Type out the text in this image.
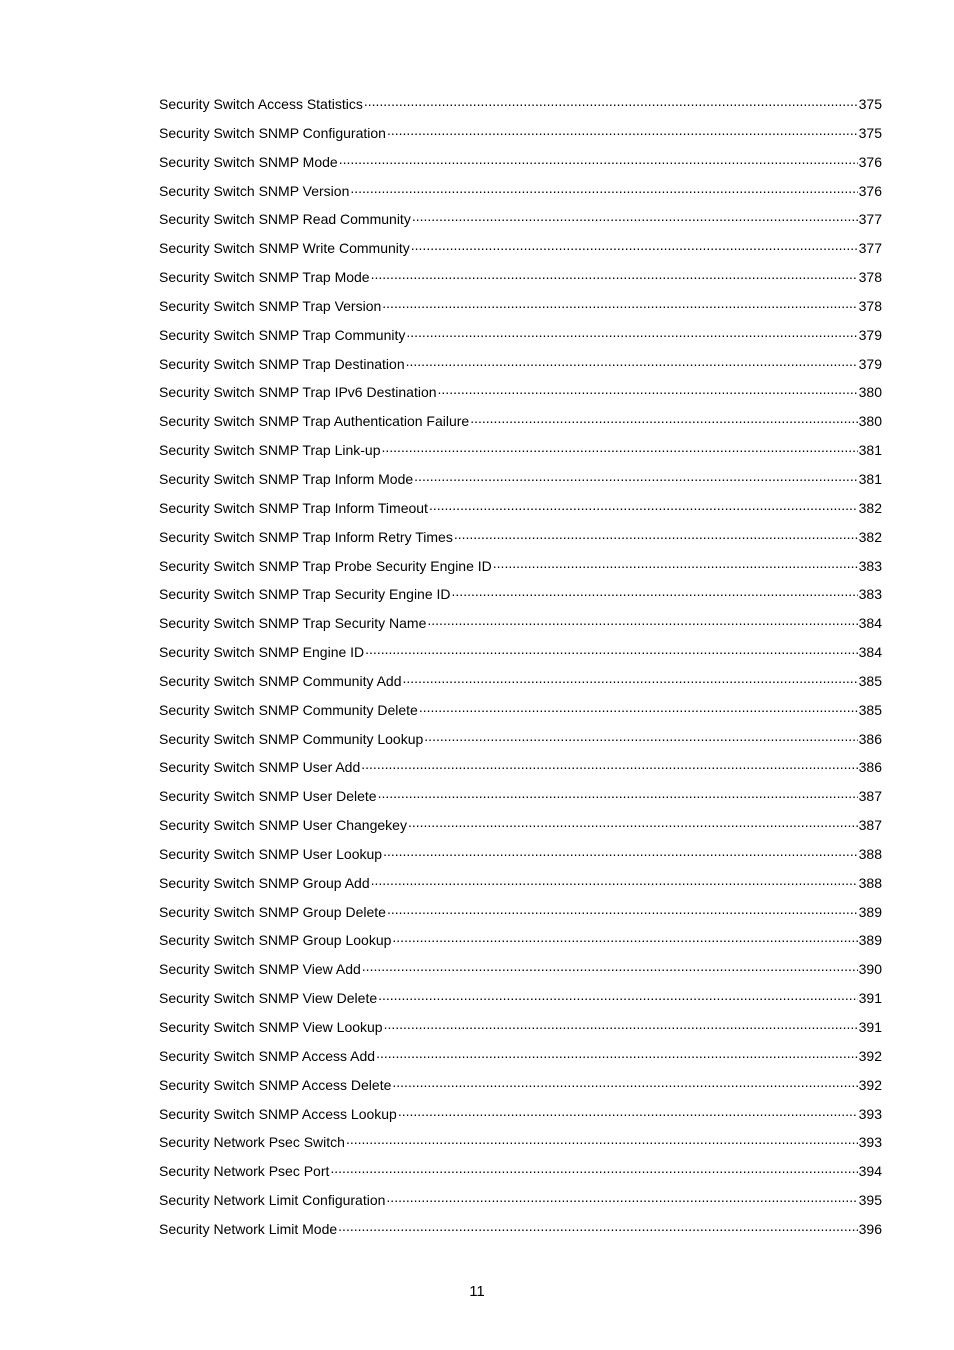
Security Switch Access Statistics .....	375
Security Switch SNMP Configuration .....	375
Security Switch SNMP Mode .....	376
Security Switch SNMP Version .....	376
Security Switch SNMP Read Community .....	377
Security Switch SNMP Write Community .....	377
Security Switch SNMP Trap Mode .....	378
Security Switch SNMP Trap Version .....	378
Security Switch SNMP Trap Community .....	379
Security Switch SNMP Trap Destination .....	379
Security Switch SNMP Trap IPv6 Destination .....	380
Security Switch SNMP Trap Authentication Failure .....	380
Security Switch SNMP Trap Link-up .....	381
Security Switch SNMP Trap Inform Mode .....	381
Security Switch SNMP Trap Inform Timeout .....	382
Security Switch SNMP Trap Inform Retry Times .....	382
Security Switch SNMP Trap Probe Security Engine ID .....	383
Security Switch SNMP Trap Security Engine ID .....	383
Security Switch SNMP Trap Security Name .....	384
Security Switch SNMP Engine ID .....	384
Security Switch SNMP Community Add .....	385
Security Switch SNMP Community Delete .....	385
Security Switch SNMP Community Lookup .....	386
Security Switch SNMP User Add .....	386
Security Switch SNMP User Delete .....	387
Security Switch SNMP User Changekey .....	387
Security Switch SNMP User Lookup .....	388
Security Switch SNMP Group Add .....	388
Security Switch SNMP Group Delete .....	389
Security Switch SNMP Group Lookup .....	389
Security Switch SNMP View Add .....	390
Security Switch SNMP View Delete .....	391
Security Switch SNMP View Lookup .....	391
Security Switch SNMP Access Add .....	392
Security Switch SNMP Access Delete .....	392
Security Switch SNMP Access Lookup .....	393
Security Network Psec Switch .....	393
Security Network Psec Port .....	394
Security Network Limit Configuration .....	395
Security Network Limit Mode .....	396
11
